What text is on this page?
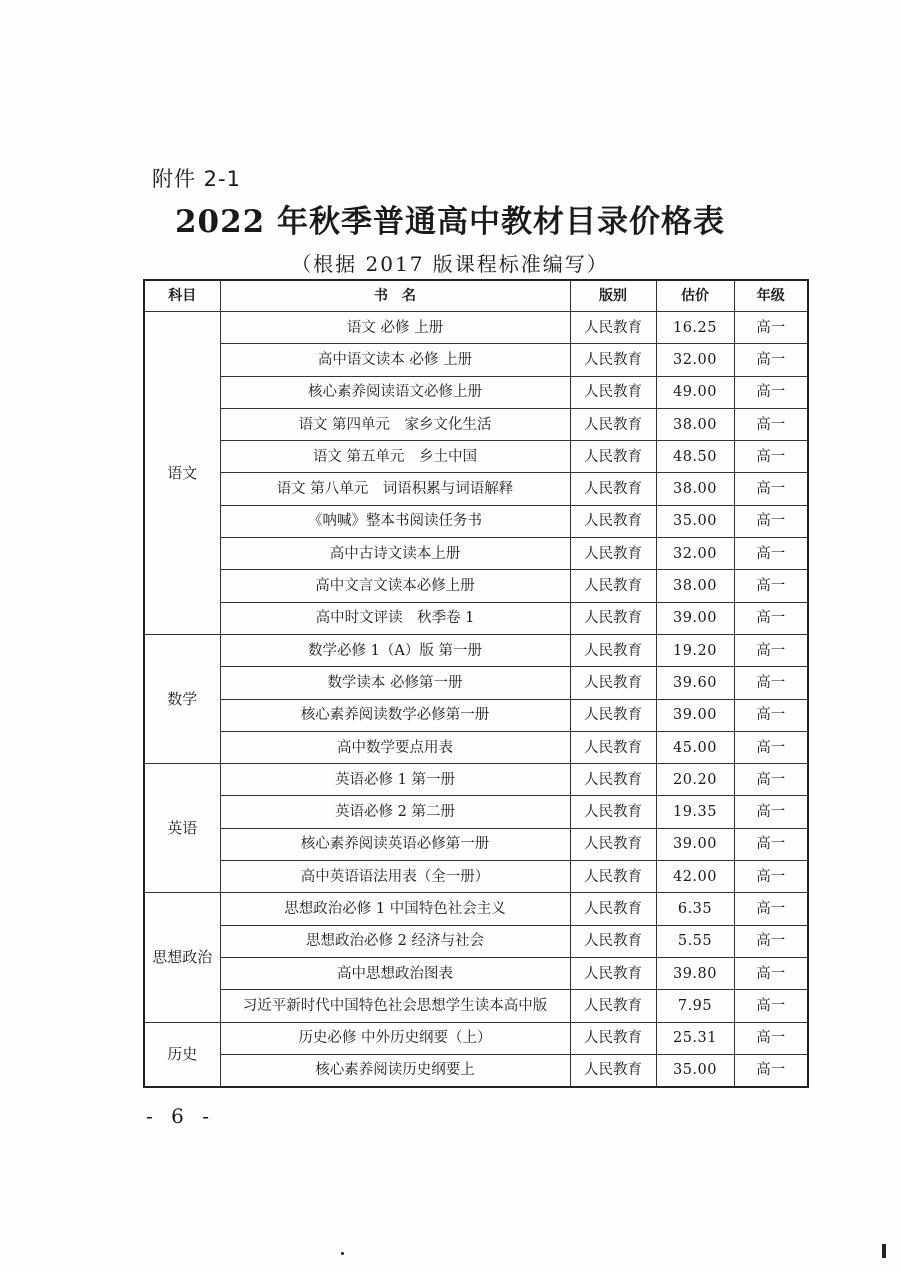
附件 2-1
2022 年秋季普通高中教材目录价格表
（根据 2017 版课程标准编写）
科目	书　名	版别	估价	年级
语文	语文 必修 上册	人民教育	16.25	高一
	高中语文读本 必修 上册	人民教育	32.00	高一
	核心素养阅读语文必修上册	人民教育	49.00	高一
	语文 第四单元　家乡文化生活	人民教育	38.00	高一
	语文 第五单元　乡土中国	人民教育	48.50	高一
	语文 第八单元　词语积累与词语解释	人民教育	38.00	高一
	《呐喊》整本书阅读任务书	人民教育	35.00	高一
	高中古诗文读本上册	人民教育	32.00	高一
	高中文言文读本必修上册	人民教育	38.00	高一
	高中时文评读　秋季卷 1	人民教育	39.00	高一
数学	数学必修 1（A）版 第一册	人民教育	19.20	高一
	数学读本 必修第一册	人民教育	39.60	高一
	核心素养阅读数学必修第一册	人民教育	39.00	高一
	高中数学要点用表	人民教育	45.00	高一
英语	英语必修 1 第一册	人民教育	20.20	高一
	英语必修 2 第二册	人民教育	19.35	高一
	核心素养阅读英语必修第一册	人民教育	39.00	高一
	高中英语语法用表（全一册）	人民教育	42.00	高一
思想政治	思想政治必修 1 中国特色社会主义	人民教育	6.35	高一
	思想政治必修 2 经济与社会	人民教育	5.55	高一
	高中思想政治图表	人民教育	39.80	高一
	习近平新时代中国特色社会思想学生读本高中版	人民教育	7.95	高一
历史	历史必修 中外历史纲要（上）	人民教育	25.31	高一
	核心素养阅读历史纲要上	人民教育	35.00	高一
- 6 -
